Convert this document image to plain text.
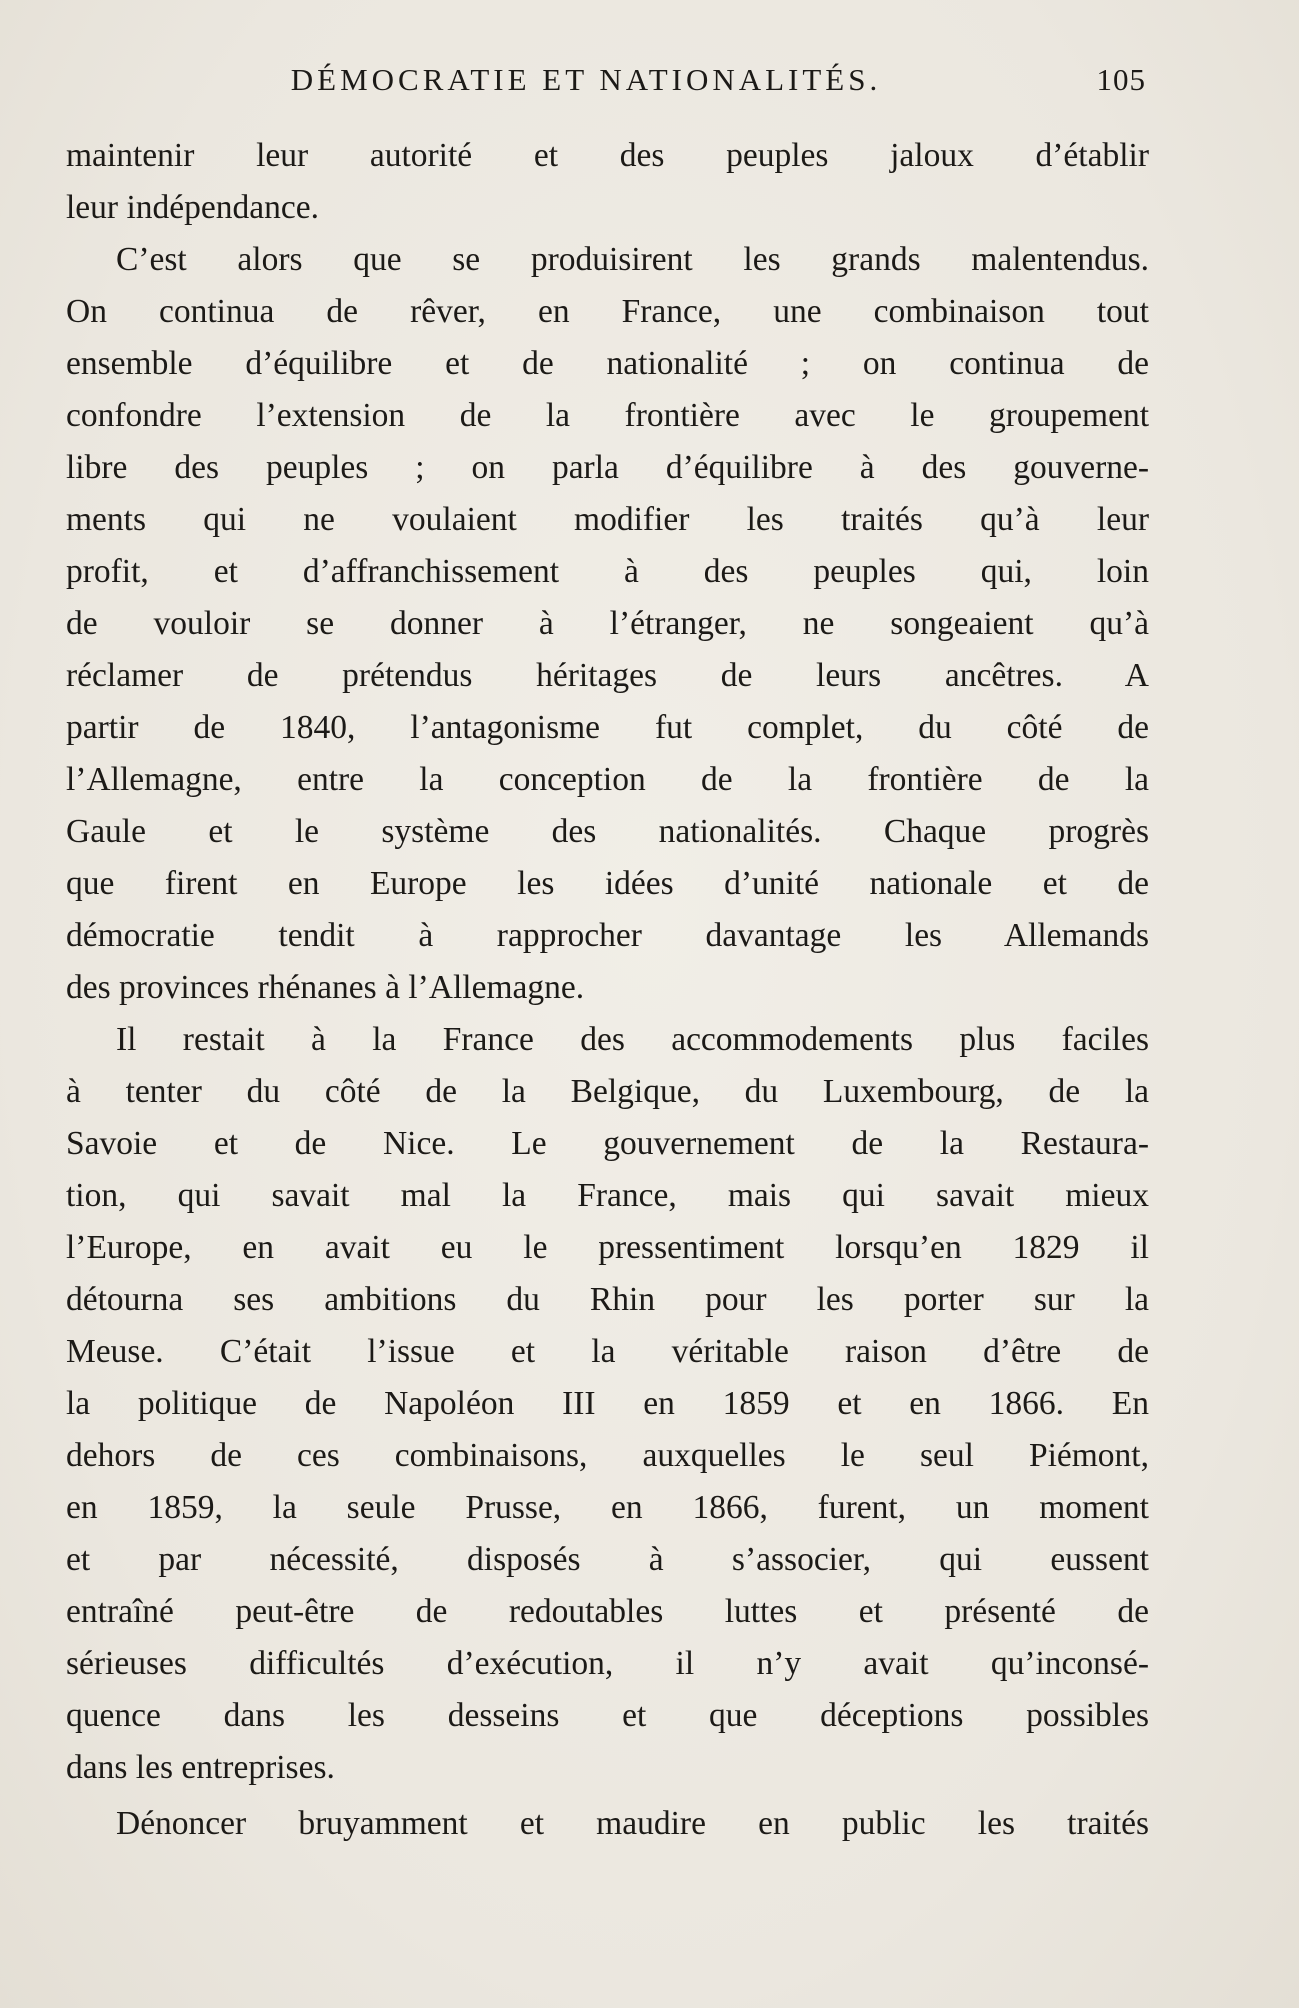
DÉMOCRATIE ET NATIONALITÉS.	105
maintenir leur autorité et des peuples jaloux d’établir
leur indépendance.
C’est alors que se produisirent les grands malentendus.
On continua de rêver, en France, une combinaison tout
ensemble d’équilibre et de nationalité ; on continua de
confondre l’extension de la frontière avec le groupement
libre des peuples ; on parla d’équilibre à des gouverne-
ments qui ne voulaient modifier les traités qu’à leur
profit, et d’affranchissement à des peuples qui, loin
de vouloir se donner à l’étranger, ne songeaient qu’à
réclamer de prétendus héritages de leurs ancêtres. A
partir de 1840, l’antagonisme fut complet, du côté de
l’Allemagne, entre la conception de la frontière de la
Gaule et le système des nationalités. Chaque progrès
que firent en Europe les idées d’unité nationale et de
démocratie tendit à rapprocher davantage les Allemands
des provinces rhénanes à l’Allemagne.
Il restait à la France des accommodements plus faciles
à tenter du côté de la Belgique, du Luxembourg, de la
Savoie et de Nice. Le gouvernement de la Restaura-
tion, qui savait mal la France, mais qui savait mieux
l’Europe, en avait eu le pressentiment lorsqu’en 1829 il
détourna ses ambitions du Rhin pour les porter sur la
Meuse. C’était l’issue et la véritable raison d’être de
la politique de Napoléon III en 1859 et en 1866. En
dehors de ces combinaisons, auxquelles le seul Piémont,
en 1859, la seule Prusse, en 1866, furent, un moment
et par nécessité, disposés à s’associer, qui eussent
entraîné peut-être de redoutables luttes et présenté de
sérieuses difficultés d’exécution, il n’y avait qu’inconsé-
quence dans les desseins et que déceptions possibles
dans les entreprises.
Dénoncer bruyamment et maudire en public les traités
